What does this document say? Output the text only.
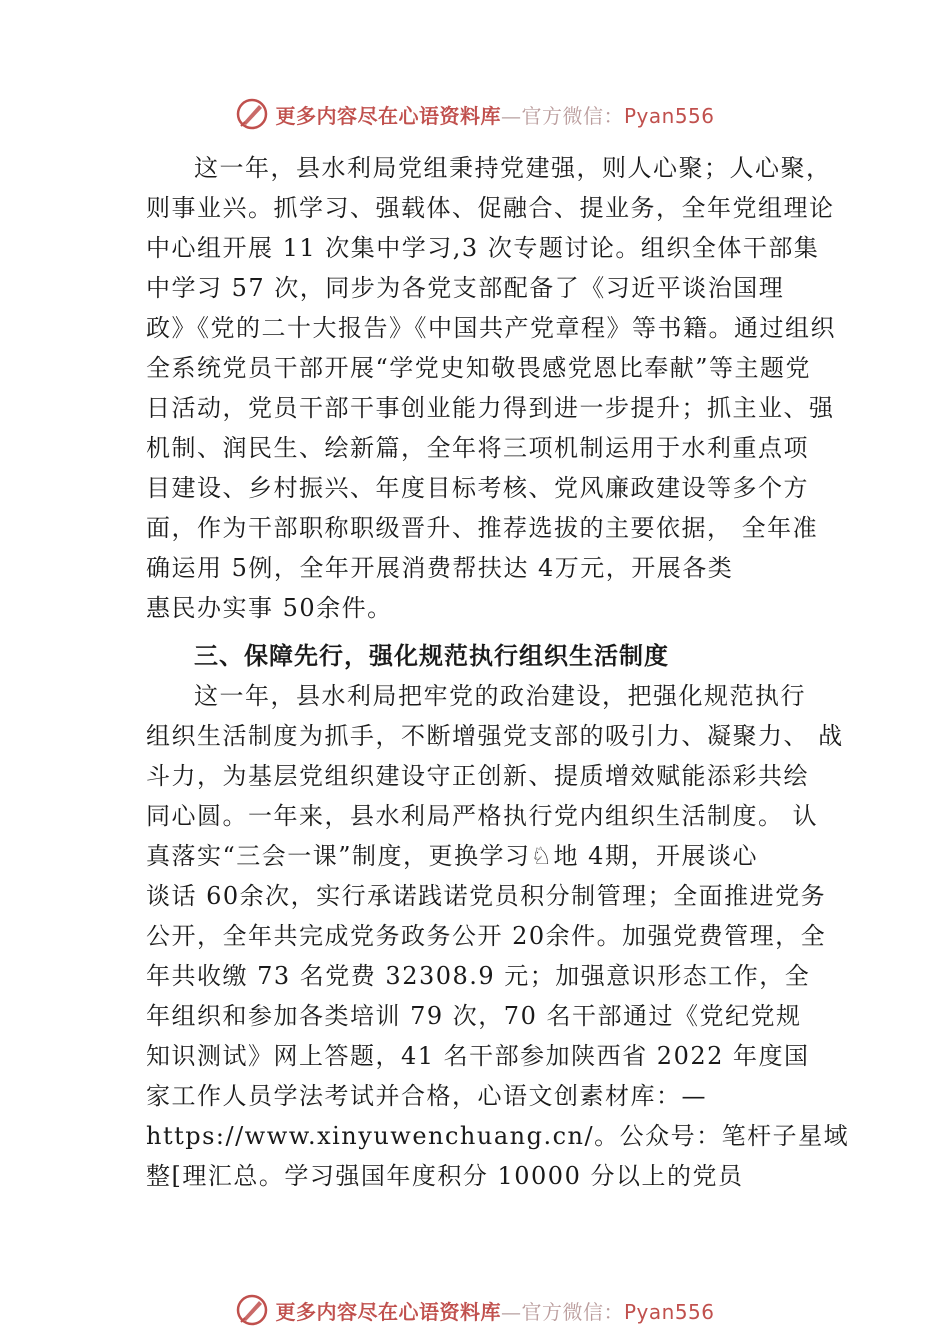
更多内容尽在心语资料库—官方微信：Pyan556

这一年，县水利局党组秉持党建强，则人心聚；人心聚，
则事业兴。抓学习、强载体、促融合、提业务，全年党组理论
中心组开展 11 次集中学习,3 次专题讨论。组织全体干部集
中学习 57 次，同步为各党支部配备了《习近平谈治国理
政》《党的二十大报告》《中国共产党章程》等书籍。通过组织
全系统党员干部开展“学党史知敬畏感党恩比奉献”等主题党
日活动，党员干部干事创业能力得到进一步提升；抓主业、强
机制、润民生、绘新篇，全年将三项机制运用于水利重点项
目建设、乡村振兴、年度目标考核、党风廉政建设等多个方
面，作为干部职称职级晋升、推荐选拔的主要依据， 全年准
确运用 5例，全年开展消费帮扶达 4万元，开展各类
惠民办实事 50余件。

三、保障先行，强化规范执行组织生活制度

这一年，县水利局把牢党的政治建设，把强化规范执行
组织生活制度为抓手，不断增强党支部的吸引力、凝聚力、 战
斗力，为基层党组织建设守正创新、提质增效赋能添彩共绘
同心圆。一年来，县水利局严格执行党内组织生活制度。 认
真落实“三会一课”制度，更换学习♘地 4期，开展谈心
谈话 60余次，实行承诺践诺党员积分制管理；全面推进党务
公开，全年共完成党务政务公开 20余件。加强党费管理，全
年共收缴 73 名党费 32308.9 元；加强意识形态工作，全
年组织和参加各类培训 79 次，70 名干部通过《党纪党规
知识测试》网上答题，41 名干部参加陕西省 2022 年度国
家工作人员学法考试并合格，心语文创素材库：—
https://www.xinyuwenchuang.cn/。公众号：笔杆子星域
整[理汇总。学习强国年度积分 10000 分以上的党员

更多内容尽在心语资料库—官方微信：Pyan556
